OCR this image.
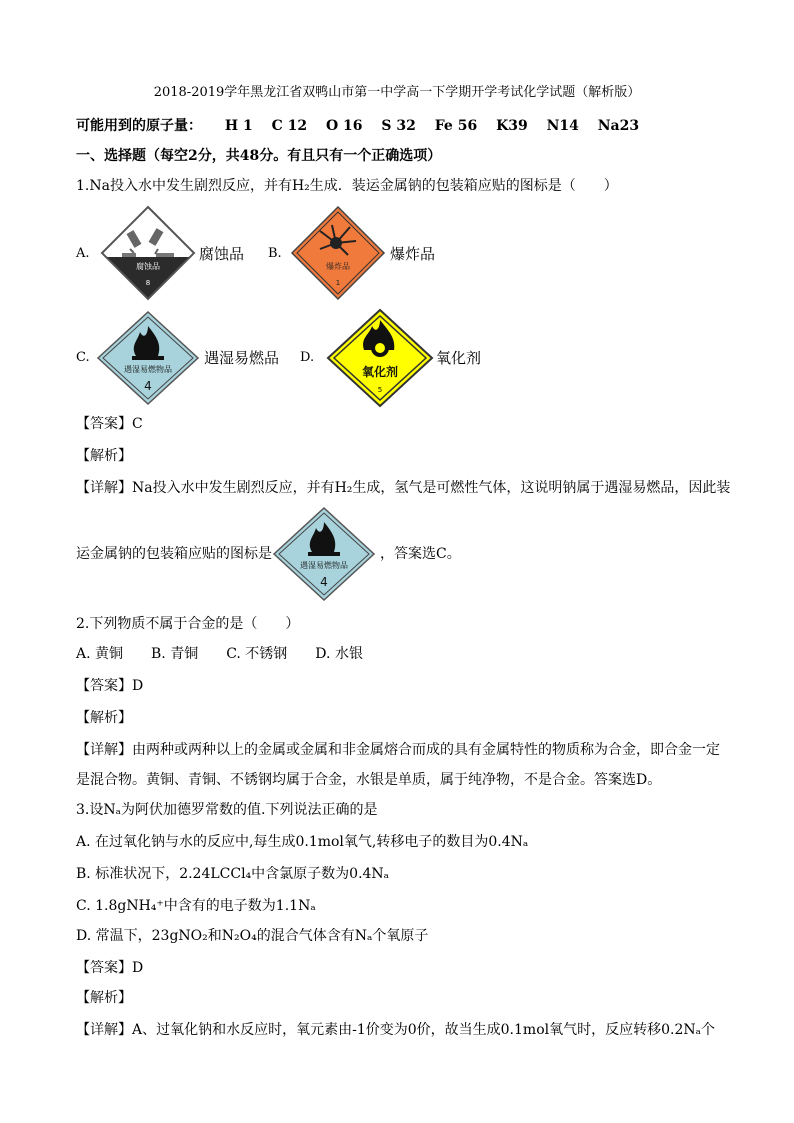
2018-2019学年黑龙江省双鸭山市第一中学高一下学期开学考试化学试题（解析版）
可能用到的原子量： H 1 C 12 O 16 S 32 Fe 56 K39 N14 Na23
一、选择题（每空2分，共48分。有且只有一个正确选项）
1.Na投入水中发生剧烈反应，并有H₂生成．装运金属钠的包装箱应贴的图标是（　　）
A.
腐蚀品
8
腐蚀品 B.
爆炸品
1
爆炸品
C.
遇湿易燃物品
4
遇湿易燃品 D.
氧化剂
5
氧化剂
【答案】C
【解析】
【详解】Na投入水中发生剧烈反应，并有H₂生成，氢气是可燃性气体，这说明钠属于遇湿易燃品，因此装
运金属钠的包装箱应贴的图标是
遇湿易燃物品
4
，答案选C。
2.下列物质不属于合金的是（　　）
A. 黄铜　　B. 青铜　　C. 不锈钢　　D. 水银
【答案】D
【解析】
【详解】由两种或两种以上的金属或金属和非金属熔合而成的具有金属特性的物质称为合金，即合金一定
是混合物。黄铜、青铜、不锈钢均属于合金，水银是单质，属于纯净物，不是合金。答案选D。
3.设Nₐ为阿伏加德罗常数的值.下列说法正确的是
A. 在过氧化钠与水的反应中,每生成0.1mol氧气,转移电子的数目为0.4Nₐ
B. 标准状况下，2.24LCCl₄中含氯原子数为0.4Nₐ
C. 1.8gNH₄⁺中含有的电子数为1.1Nₐ
D. 常温下，23gNO₂和N₂O₄的混合气体含有Nₐ个氧原子
【答案】D
【解析】
【详解】A、过氧化钠和水反应时，氧元素由-1价变为0价，故当生成0.1mol氧气时，反应转移0.2Nₐ个
